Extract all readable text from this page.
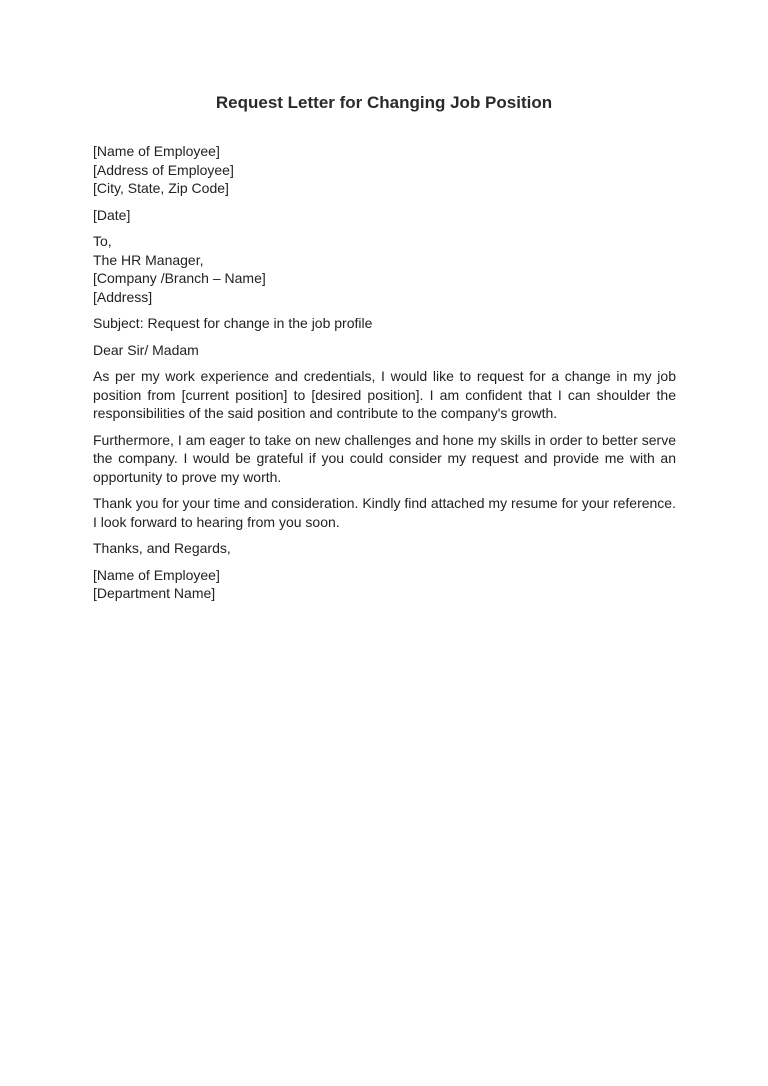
Request Letter for Changing Job Position
[Name of Employee]
[Address of Employee]
[City, State, Zip Code]
[Date]
To,
The HR Manager,
[Company /Branch – Name]
[Address]
Subject: Request for change in the job profile
Dear Sir/ Madam
As per my work experience and credentials, I would like to request for a change in my job position from [current position] to [desired position]. I am confident that I can shoulder the responsibilities of the said position and contribute to the company's growth.
Furthermore, I am eager to take on new challenges and hone my skills in order to better serve the company. I would be grateful if you could consider my request and provide me with an opportunity to prove my worth.
Thank you for your time and consideration. Kindly find attached my resume for your reference. I look forward to hearing from you soon.
Thanks, and Regards,
[Name of Employee]
[Department Name]
